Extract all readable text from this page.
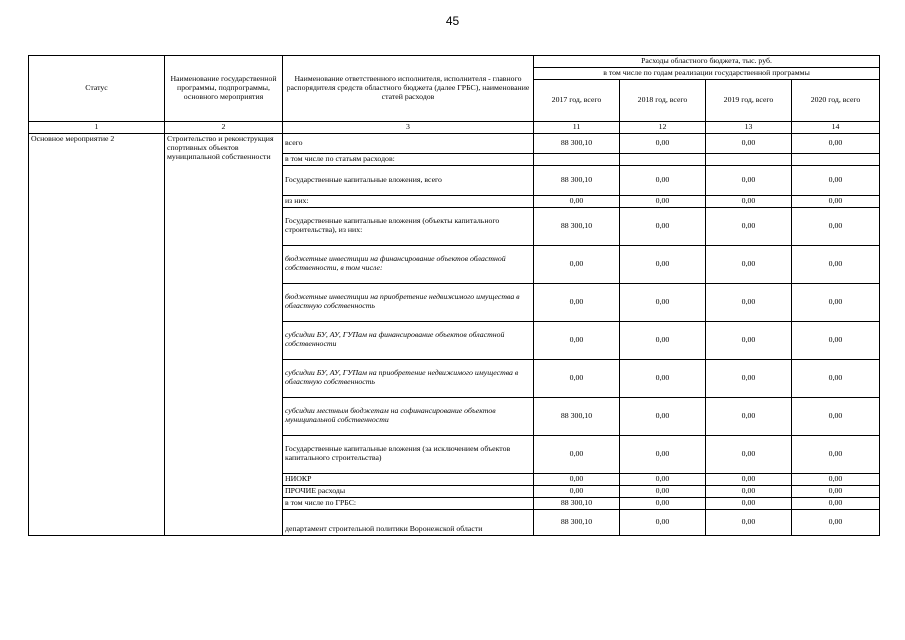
45
Статус	Наименование государственной программы, подпрограммы, основного мероприятия	Наименование ответственного исполнителя, исполнителя - главного распорядителя средств областного бюджета (далее ГРБС), наименование статей расходов	Расходы областного бюджета, тыс. руб.			
			в том числе по годам реализации государственной программы			
			2017 год, всего	2018 год, всего	2019 год, всего	2020 год, всего
1	2	3	11	12	13	14
Основное мероприятие 2	Строительство и реконструкция спортивных объектов муниципальной собственности	всего	88 300,10	0,00	0,00	0,00
		в том числе по статьям расходов:				
		Государственные капитальные вложения, всего	88 300,10	0,00	0,00	0,00
		из них:	0,00	0,00	0,00	0,00
		Государственные капитальные вложения (объекты капитального строительства), из них:	88 300,10	0,00	0,00	0,00
		бюджетные инвестиции на финансирование объектов областной собственности, в том числе:	0,00	0,00	0,00	0,00
		бюджетные инвестиции на приобретение недвижимого имущества в областную собственность	0,00	0,00	0,00	0,00
		субсидии БУ, АУ, ГУПам на финансирование объектов областной собственности	0,00	0,00	0,00	0,00
		субсидии БУ, АУ, ГУПам на приобретение недвижимого имущества в областную собственность	0,00	0,00	0,00	0,00
		субсидии местным бюджетам на софинансирование объектов муниципальной собственности	88 300,10	0,00	0,00	0,00
		Государственные капитальные вложения (за исключением объектов капитального строительства)	0,00	0,00	0,00	0,00
		НИОКР	0,00	0,00	0,00	0,00
		ПРОЧИЕ расходы	0,00	0,00	0,00	0,00
		в том числе по ГРБС:	88 300,10	0,00	0,00	0,00
		департамент строительной политики Воронежской области	88 300,10	0,00	0,00	0,00
